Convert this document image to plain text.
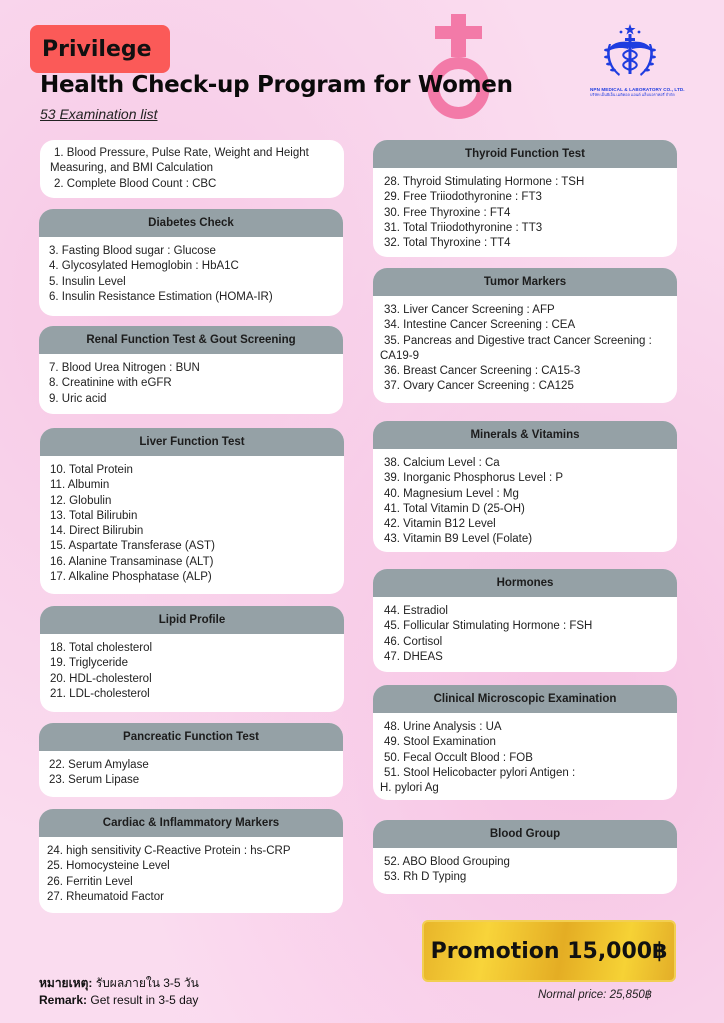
Privilege
Health Check-up Program for Women
53 Examination list
NPN MEDICAL & LABORATORY CO., LTD.
บริษัท เอ็นพีเอ็น เมดิคอล แอนด์ แล็บบอราทอรี่ จำกัด
1. Blood Pressure, Pulse Rate, Weight and Height
Measuring, and BMI Calculation
2. Complete Blood Count : CBC
Diabetes Check
3. Fasting Blood sugar : Glucose
4. Glycosylated Hemoglobin : HbA1C
5. Insulin Level
6. Insulin Resistance Estimation (HOMA-IR)
Renal Function Test & Gout Screening
7. Blood Urea Nitrogen : BUN
8. Creatinine with eGFR
9. Uric acid
Liver Function Test
10. Total Protein
11. Albumin
12. Globulin
13. Total Bilirubin
14. Direct Bilirubin
15. Aspartate Transferase (AST)
16. Alanine Transaminase (ALT)
17. Alkaline Phosphatase (ALP)
Lipid Profile
18. Total cholesterol
19. Triglyceride
20. HDL-cholesterol
21. LDL-cholesterol
Pancreatic Function Test
22. Serum Amylase
23. Serum Lipase
Cardiac & Inflammatory Markers
24. high sensitivity C-Reactive Protein : hs-CRP
25. Homocysteine Level
26. Ferritin Level
27. Rheumatoid Factor
Thyroid Function Test
28. Thyroid Stimulating Hormone : TSH
29. Free Triiodothyronine : FT3
30. Free Thyroxine : FT4
31. Total Triiodothyronine : TT3
32. Total Thyroxine : TT4
Tumor Markers
33. Liver Cancer Screening : AFP
34. Intestine Cancer Screening : CEA
35. Pancreas and Digestive tract Cancer Screening :
CA19-9
36. Breast Cancer Screening : CA15-3
37. Ovary Cancer Screening : CA125
Minerals & Vitamins
38. Calcium Level : Ca
39. Inorganic Phosphorus Level : P
40. Magnesium Level : Mg
41. Total Vitamin D (25-OH)
42. Vitamin B12 Level
43. Vitamin B9 Level (Folate)
Hormones
44. Estradiol
45. Follicular Stimulating Hormone : FSH
46. Cortisol
47. DHEAS
Clinical Microscopic Examination
48. Urine Analysis : UA
49. Stool Examination
50. Fecal Occult Blood : FOB
51. Stool Helicobacter pylori Antigen :
H. pylori Ag
Blood Group
52. ABO Blood Grouping
53. Rh D Typing
หมายเหตุ: รับผลภายใน 3-5 วัน
Remark: Get result in 3-5 day
Promotion 15,000฿
Normal price: 25,850฿
